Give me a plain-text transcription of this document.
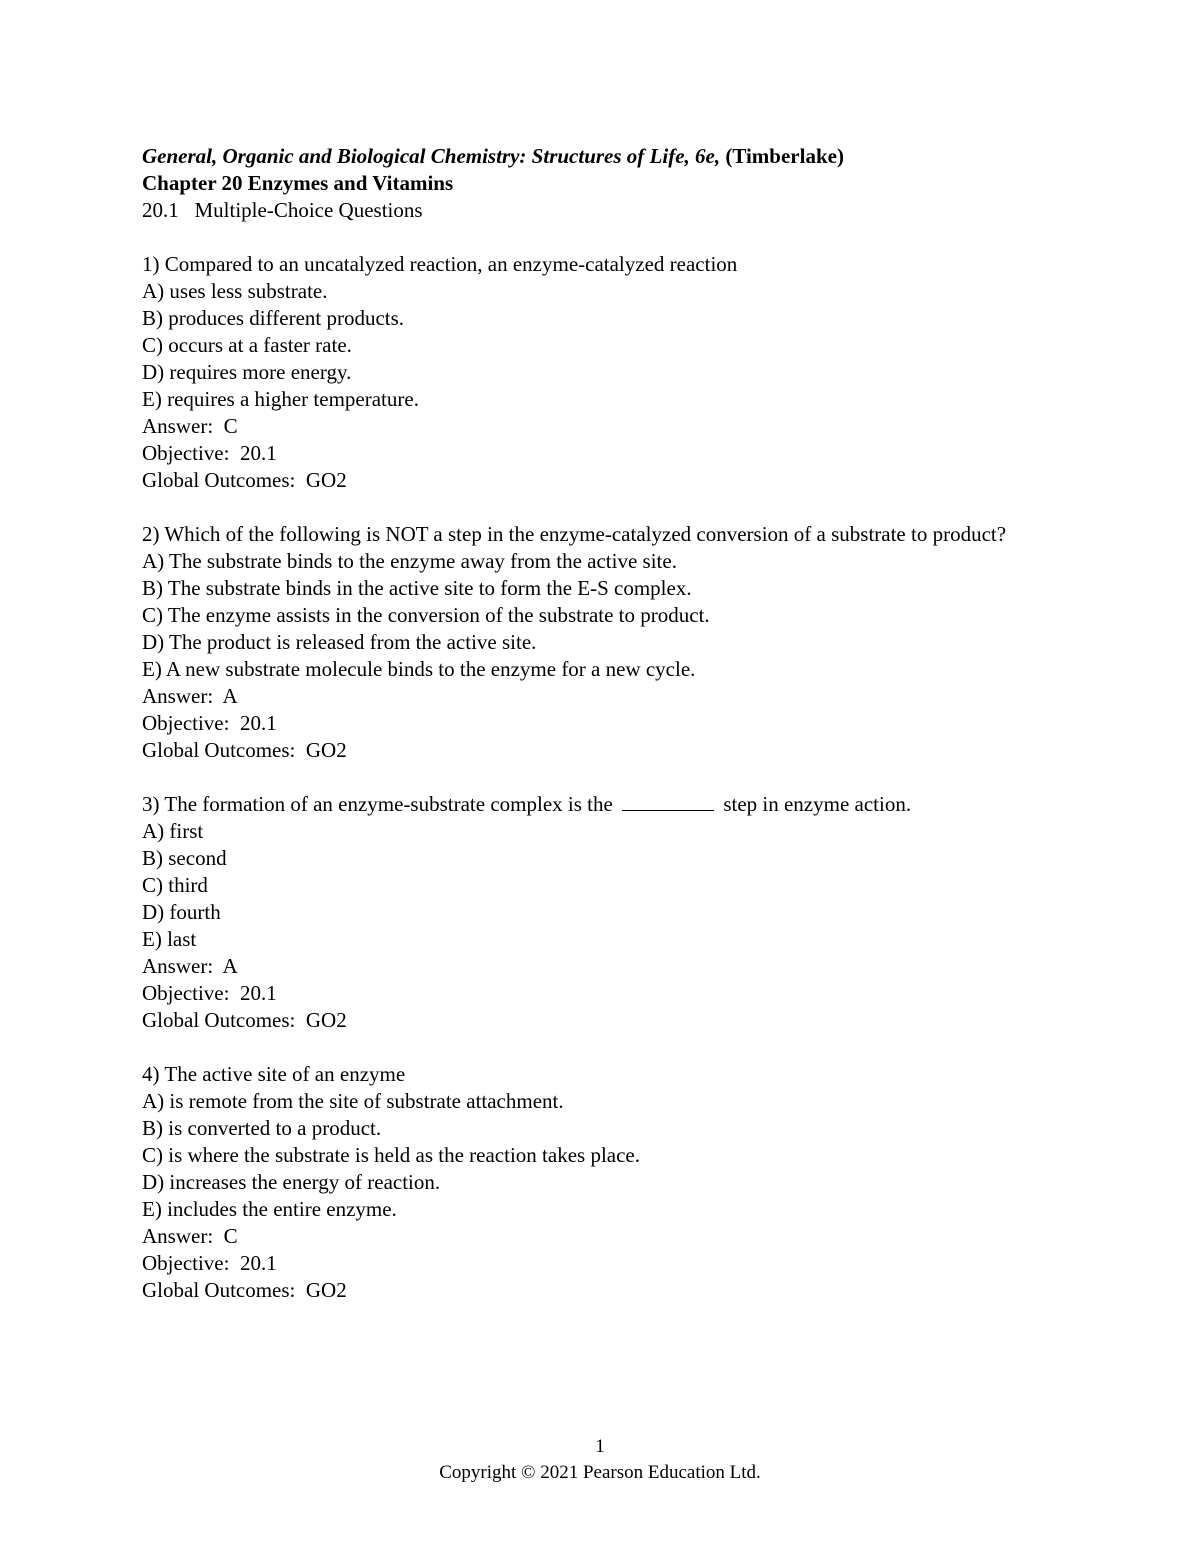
General, Organic and Biological Chemistry: Structures of Life, 6e, (Timberlake)

Chapter 20 Enzymes and Vitamins

20.1   Multiple-Choice Questions

1) Compared to an uncatalyzed reaction, an enzyme-catalyzed reaction

A) uses less substrate.

B) produces different products.

C) occurs at a faster rate.

D) requires more energy.

E) requires a higher temperature.

Answer:  C

Objective:  20.1

Global Outcomes:  GO2

2) Which of the following is NOT a step in the enzyme-catalyzed conversion of a substrate to product?

A) The substrate binds to the enzyme away from the active site.

B) The substrate binds in the active site to form the E-S complex.

C) The enzyme assists in the conversion of the substrate to product.

D) The product is released from the active site.

E) A new substrate molecule binds to the enzyme for a new cycle.

Answer:  A

Objective:  20.1

Global Outcomes:  GO2

3) The formation of an enzyme-substrate complex is the	step in enzyme action.

A) first

B) second

C) third

D) fourth

E) last

Answer:  A

Objective:  20.1

Global Outcomes:  GO2

4) The active site of an enzyme

A) is remote from the site of substrate attachment.

B) is converted to a product.

C) is where the substrate is held as the reaction takes place.

D) increases the energy of reaction.

E) includes the entire enzyme.

Answer:  C

Objective:  20.1

Global Outcomes:  GO2

1
Copyright © 2021 Pearson Education Ltd.
